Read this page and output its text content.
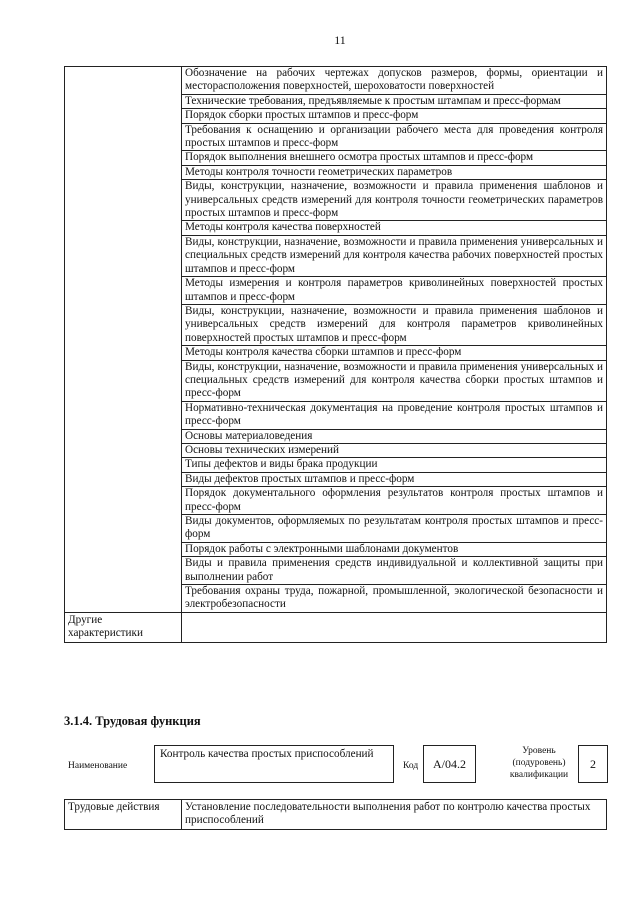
11
	Обозначение на рабочих чертежах допусков размеров, формы, ориентации и месторасположения поверхностей, шероховатости поверхностей
	Технические требования, предъявляемые к простым штампам и пресс-формам
	Порядок сборки простых штампов и пресс-форм
	Требования к оснащению и организации рабочего места для проведения контроля простых штампов и пресс-форм
	Порядок выполнения внешнего осмотра простых штампов и пресс-форм
	Методы контроля точности геометрических параметров
	Виды, конструкции, назначение, возможности и правила применения шаблонов и универсальных средств измерений для контроля точности геометрических параметров простых штампов и пресс-форм
	Методы контроля качества поверхностей
	Виды, конструкции, назначение, возможности и правила применения универсальных и специальных средств измерений для контроля качества рабочих поверхностей простых штампов и пресс-форм
	Методы измерения и контроля параметров криволинейных поверхностей простых штампов и пресс-форм
	Виды, конструкции, назначение, возможности и правила применения шаблонов и универсальных средств измерений для контроля параметров криволинейных поверхностей простых штампов и пресс-форм
	Методы контроля качества сборки штампов и пресс-форм
	Виды, конструкции, назначение, возможности и правила применения универсальных и специальных средств измерений для контроля качества сборки простых штампов и пресс-форм
	Нормативно-техническая документация на проведение контроля простых штампов и пресс-форм
	Основы материаловедения
	Основы технических измерений
	Типы дефектов и виды брака продукции
	Виды дефектов простых штампов и пресс-форм
	Порядок документального оформления результатов контроля простых штампов и пресс-форм
	Виды документов, оформляемых по результатам контроля простых штампов и пресс-форм
	Порядок работы с электронными шаблонами документов
	Виды и правила применения средств индивидуальной и коллективной защиты при выполнении работ
	Требования охраны труда, пожарной, промышленной, экологической безопасности и электробезопасности
Другие характеристики	
3.1.4. Трудовая функция
Наименование
Контроль качества простых приспособлений
Код	А/04.2
Уровень (подуровень) квалификации
2
Трудовые действия	Установление последовательности выполнения работ по контролю качества простых приспособлений
